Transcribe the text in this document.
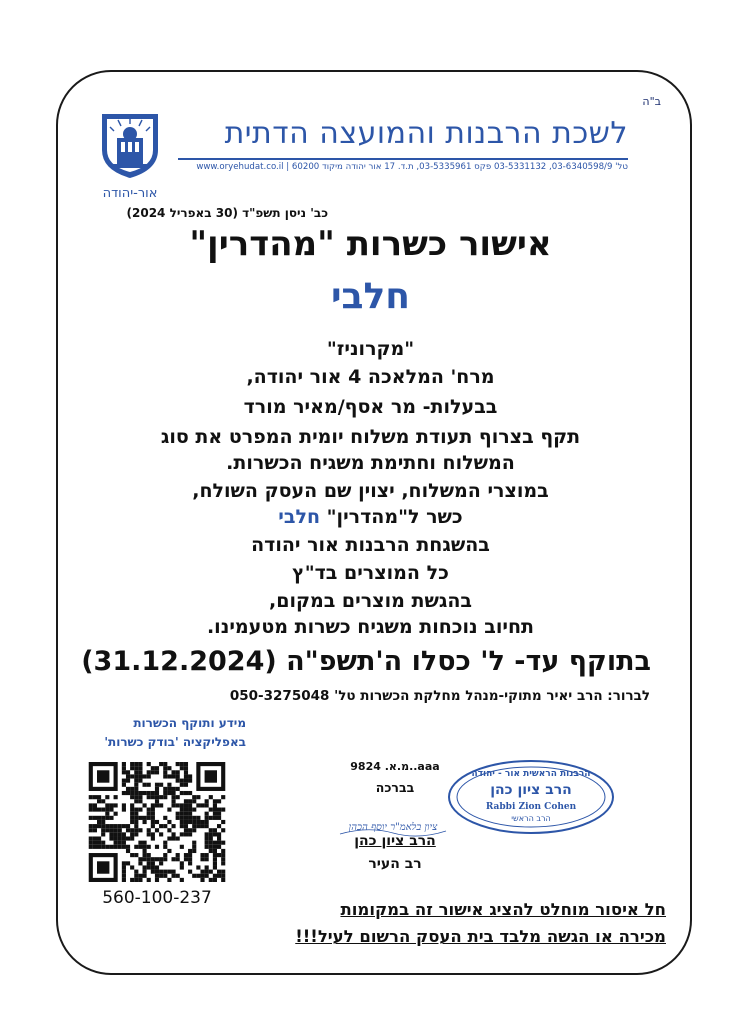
ב"ה
לשכת הרבנות והמועצה הדתית
טל' 03-6340598/9, 03-5331132 פקס 03-5335961, ת.ד. 17 אור יהודה מיקוד 60200 | www.oryehudat.co.il
אור-יהודה
כב' ניסן תשפ"ד (30 באפריל 2024)
אישור כשרות "מהדרין"
חלבי
"מקרוניז"
מרח' המלאכה 4 אור יהודה,
בבעלות- מר אסף/מאיר מורד
תקף בצרוף תעודת משלוח יומית המפרט את סוג
המשלוח וחתימת משגיח הכשרות.
במוצרי המשלוח, יצוין שם העסק השולח,
כשר ל"מהדרין" חלבי
בהשגחת הרבנות אור יהודה
כל המוצרים בד"ץ
בהגשת מוצרים במקום,
תחיוב נוכחות משגיח כשרות מטעמינו.
בתוקף עד- ל' כסלו ה'תשפ"ה (31.12.2024)
לברור: הרב יאיר מתוקי-מנהל מחלקת הכשרות טל' 050-3275048
מידע ותוקף הכשרות
באפליקציה 'בודק כשרות'
560-100-237
מ.א. 9824..aaa
בברכה
ציון בלאמ"ר יוסף הכהן
הרב ציון כהן
רב העיר
הרבנות הראשית אור - יהודה
הרב ציון כהן
Rabbi Zion Cohen
הרב הראשי
חל איסור מוחלט להציג אישור זה במקומות
מכירה או הגשה מלבד בית העסק הרשום לעיל!!!
